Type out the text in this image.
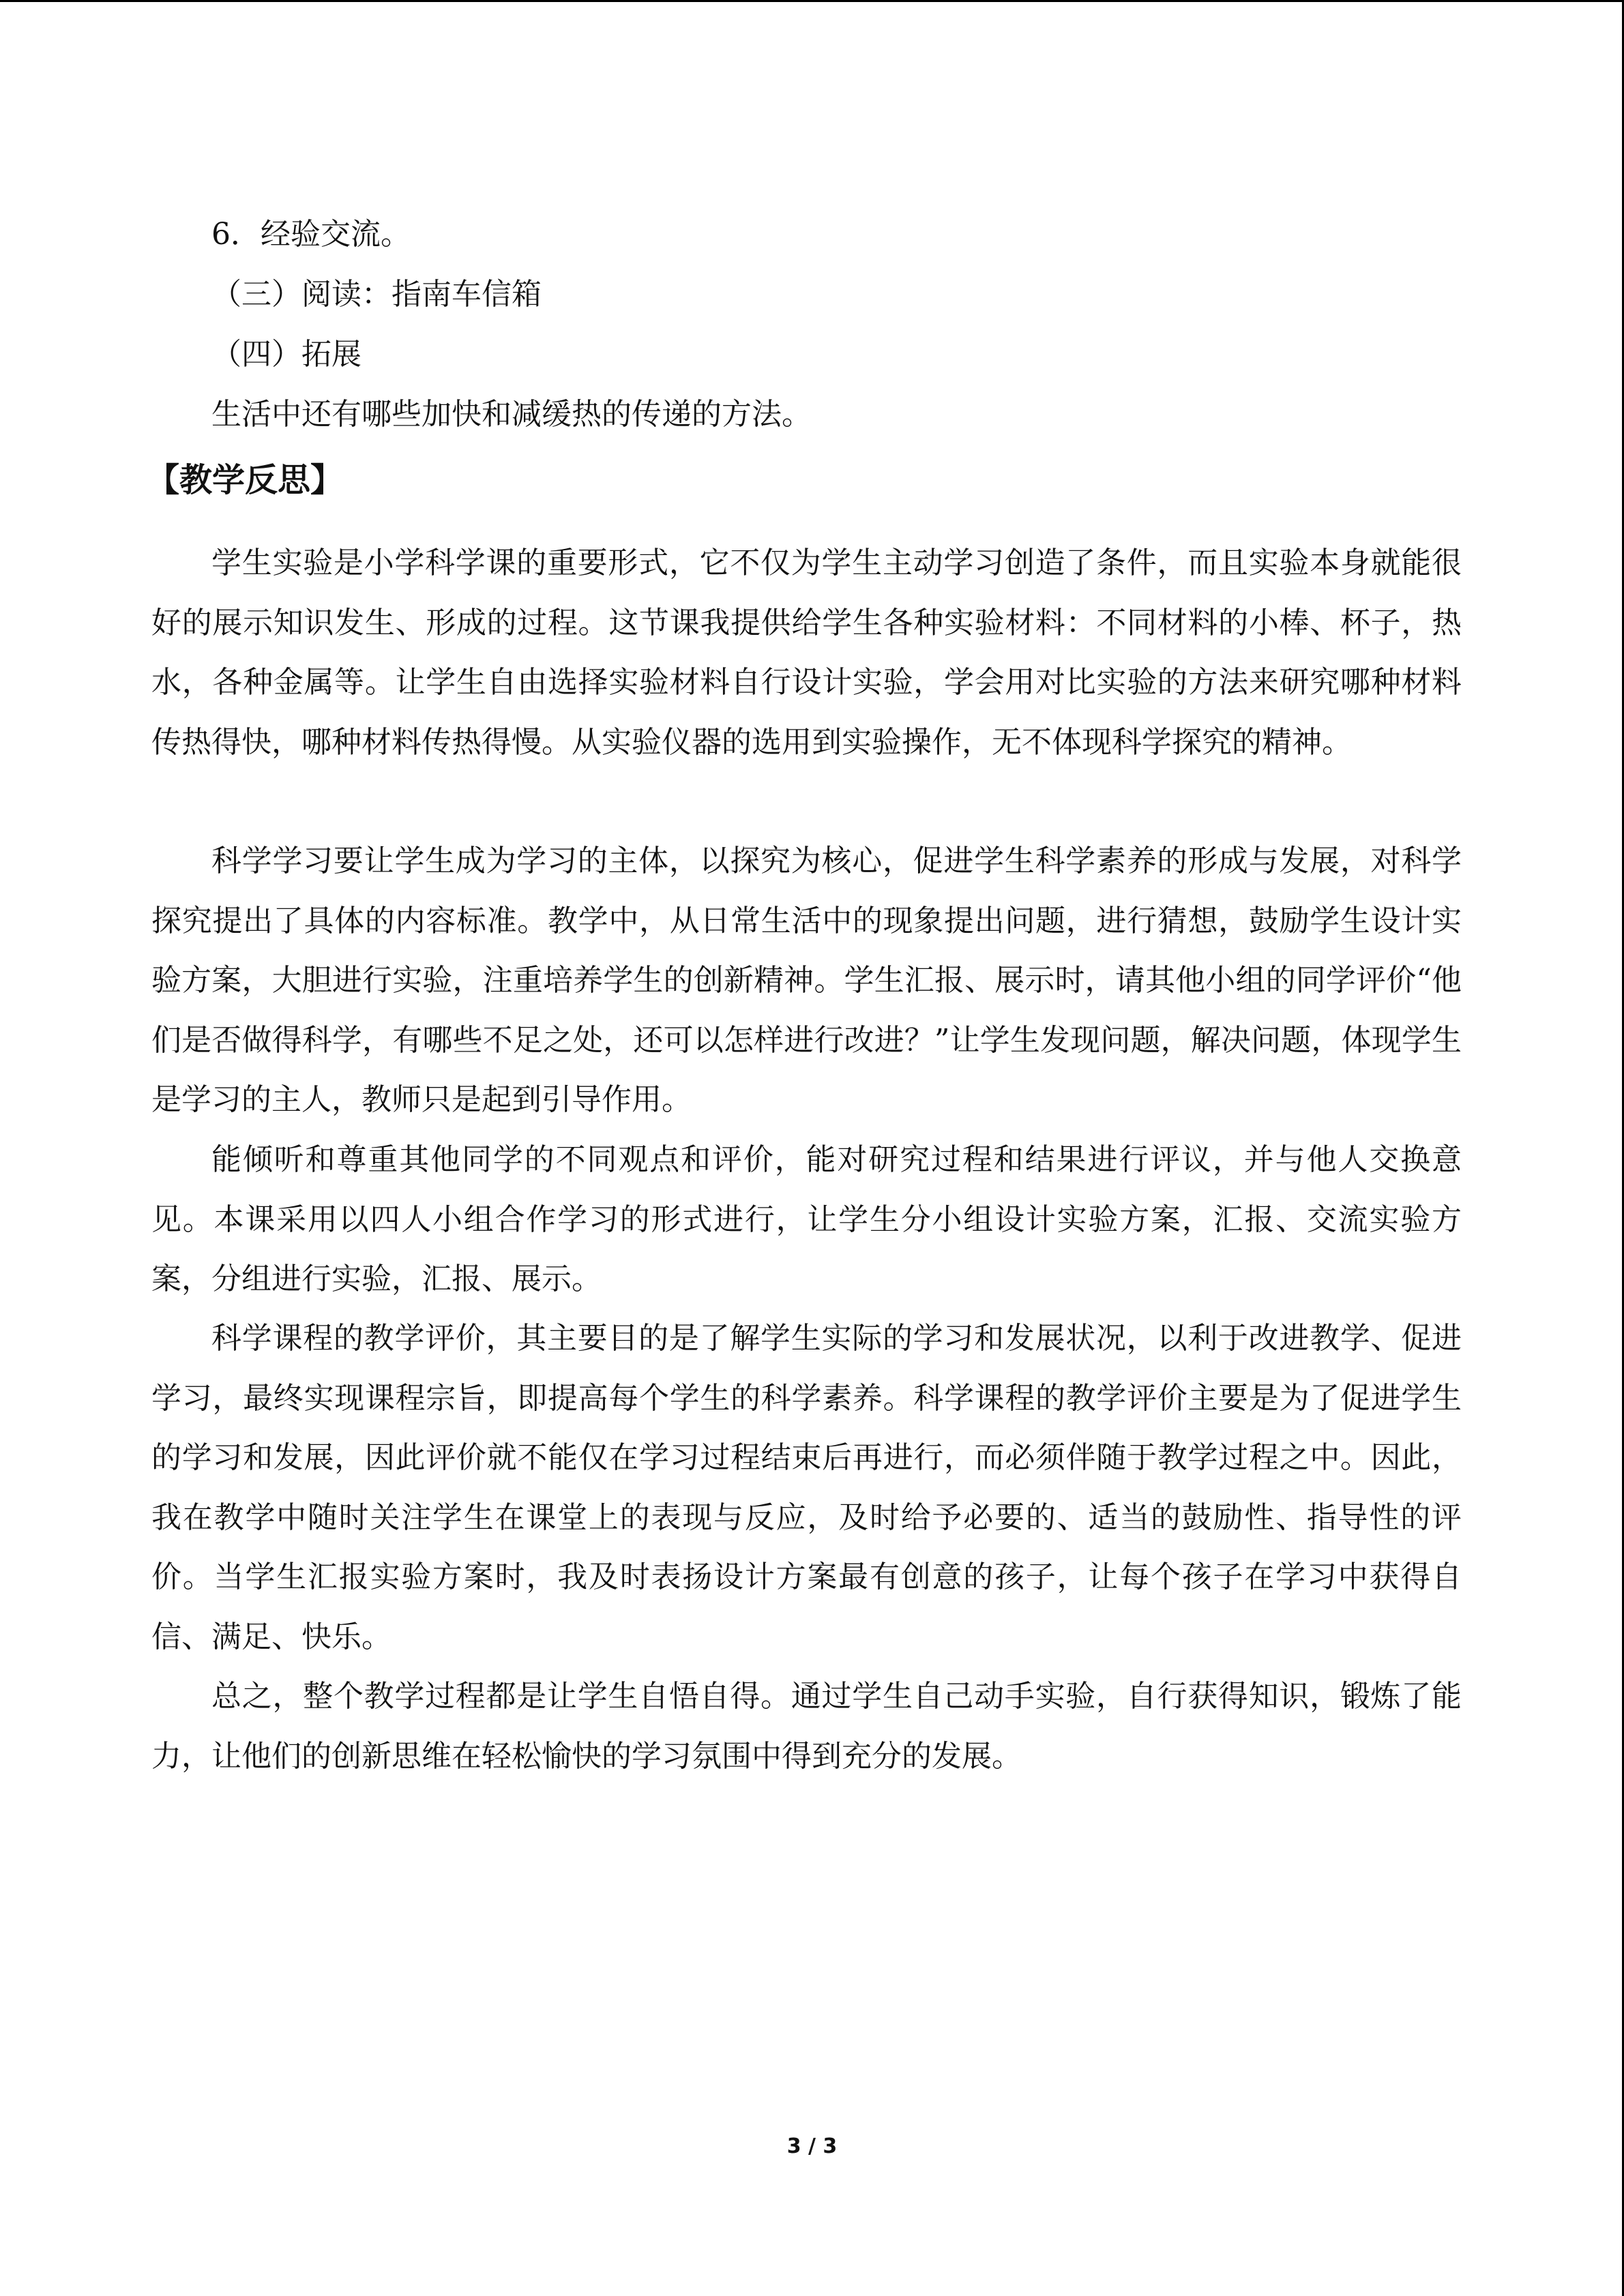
6．经验交流。
（三）阅读：指南车信箱
（四）拓展
生活中还有哪些加快和减缓热的传递的方法。
【教学反思】

学生实验是小学科学课的重要形式，它不仅为学生主动学习创造了条件，而且实验本身就能很好的展示知识发生、形成的过程。这节课我提供给学生各种实验材料：不同材料的小棒、杯子，热水，各种金属等。让学生自由选择实验材料自行设计实验，学会用对比实验的方法来研究哪种材料传热得快，哪种材料传热得慢。从实验仪器的选用到实验操作，无不体现科学探究的精神。

科学学习要让学生成为学习的主体，以探究为核心，促进学生科学素养的形成与发展，对科学探究提出了具体的内容标准。教学中，从日常生活中的现象提出问题，进行猜想，鼓励学生设计实验方案，大胆进行实验，注重培养学生的创新精神。学生汇报、展示时，请其他小组的同学评价“他们是否做得科学，有哪些不足之处，还可以怎样进行改进？”让学生发现问题，解决问题，体现学生是学习的主人，教师只是起到引导作用。

能倾听和尊重其他同学的不同观点和评价，能对研究过程和结果进行评议，并与他人交换意见。本课采用以四人小组合作学习的形式进行，让学生分小组设计实验方案，汇报、交流实验方案，分组进行实验，汇报、展示。

科学课程的教学评价，其主要目的是了解学生实际的学习和发展状况，以利于改进教学、促进学习，最终实现课程宗旨，即提高每个学生的科学素养。科学课程的教学评价主要是为了促进学生的学习和发展，因此评价就不能仅在学习过程结束后再进行，而必须伴随于教学过程之中。因此，我在教学中随时关注学生在课堂上的表现与反应，及时给予必要的、适当的鼓励性、指导性的评价。当学生汇报实验方案时，我及时表扬设计方案最有创意的孩子，让每个孩子在学习中获得自信、满足、快乐。

总之，整个教学过程都是让学生自悟自得。通过学生自己动手实验，自行获得知识，锻炼了能力，让他们的创新思维在轻松愉快的学习氛围中得到充分的发展。

3 / 3
